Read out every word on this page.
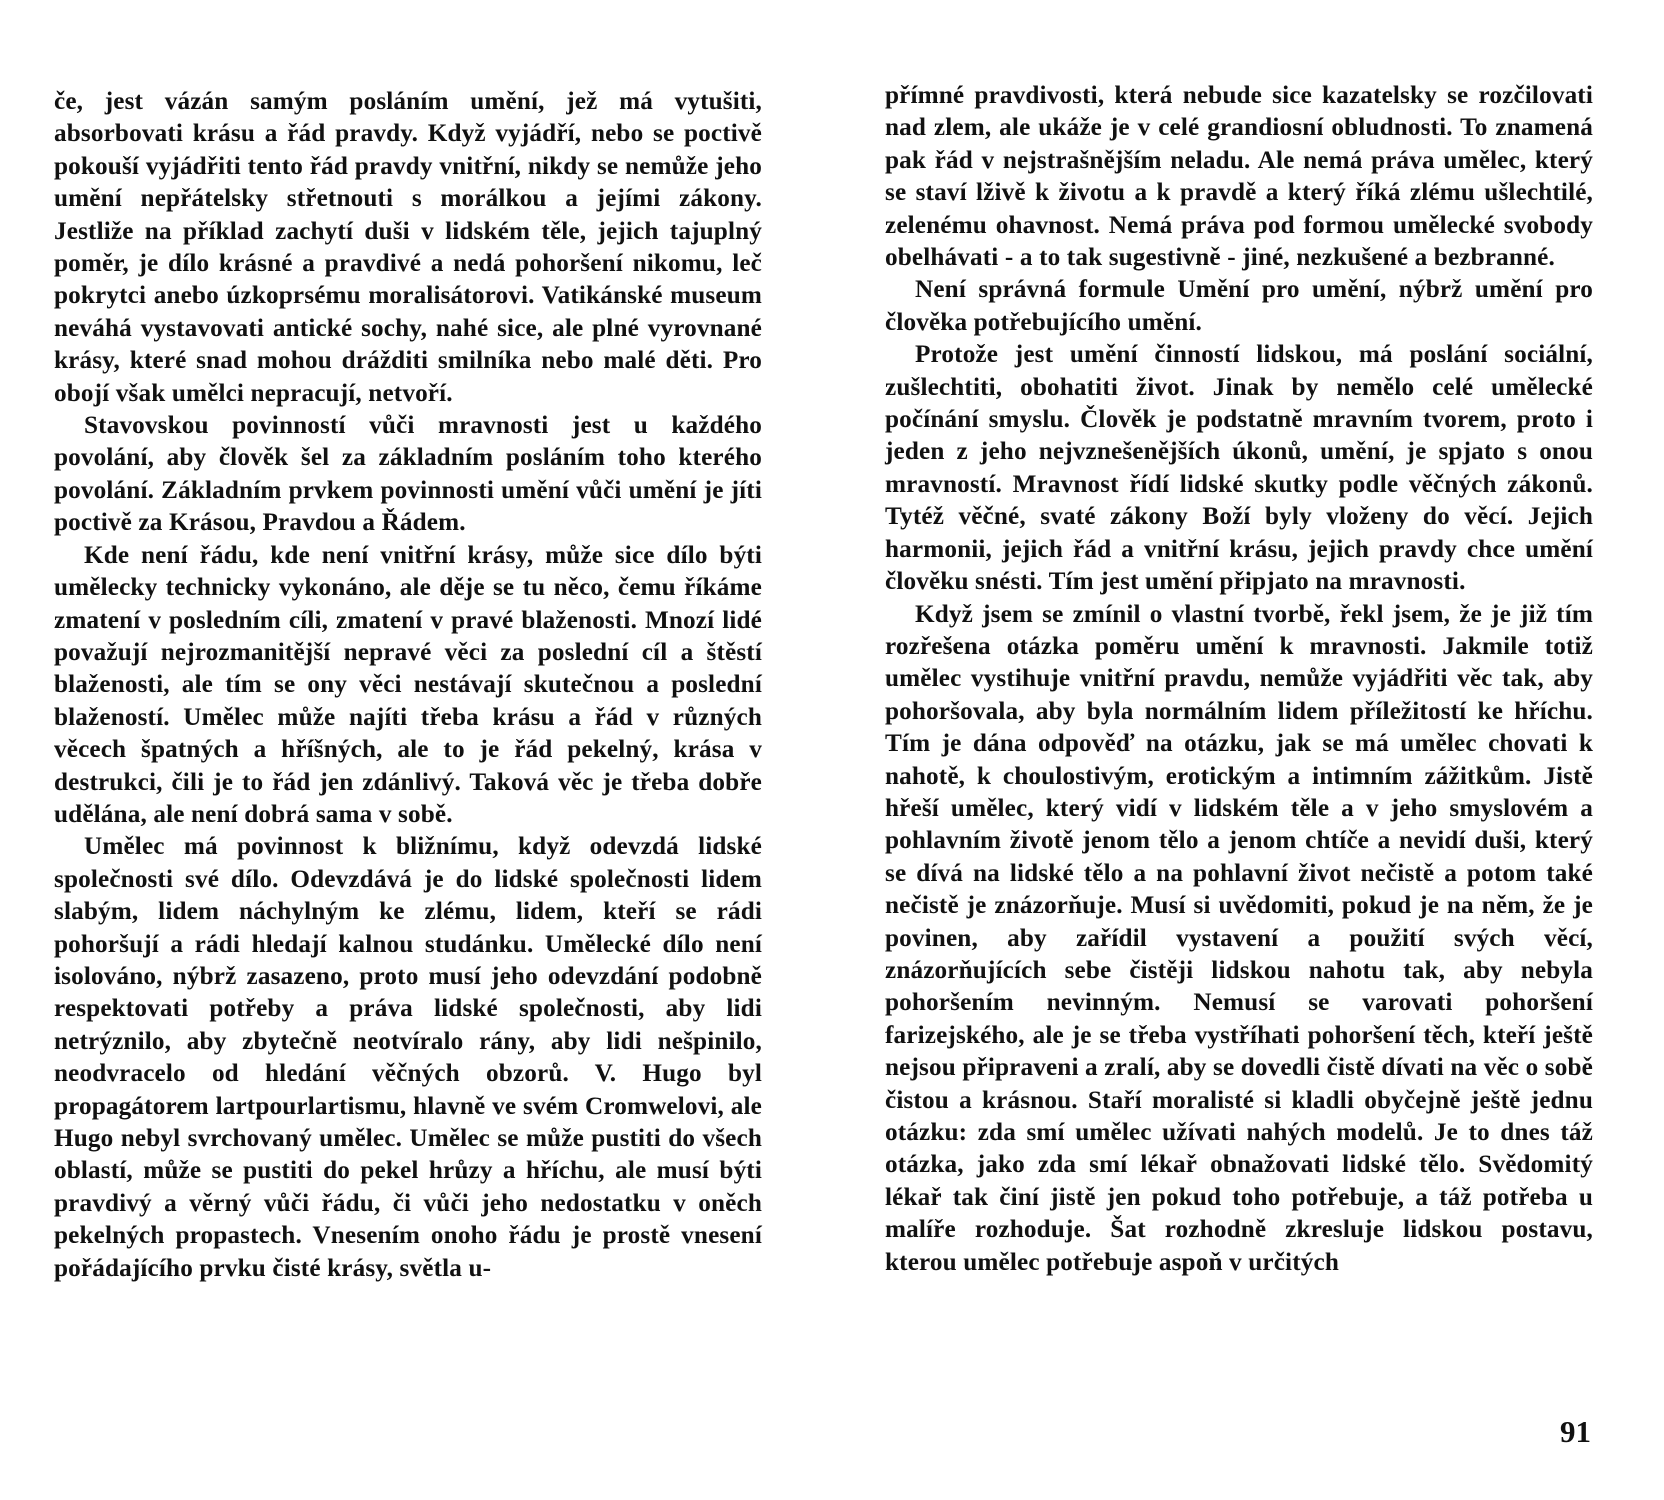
če, jest vázán samým posláním umění, jež má vytušiti, absorbovati krásu a řád pravdy. Když vyjádří, nebo se poctivě pokouší vyjádřiti tento řád pravdy vnitřní, nikdy se nemůže jeho umění nepřátelsky střetnouti s morálkou a jejími zákony. Jestliže na příklad zachytí duši v lidském těle, jejich tajuplný poměr, je dílo krásné a pravdivé a nedá pohoršení nikomu, leč pokrytci anebo úzkoprsému moralisátorovi. Vatikánské museum neváhá vystavovati antické sochy, nahé sice, ale plné vyrovnané krásy, které snad mohou drážditi smilníka nebo malé děti. Pro obojí však umělci nepracují, netvoří.

Stavovskou povinností vůči mravnosti jest u každého povolání, aby člověk šel za základním posláním toho kterého povolání. Základním prvkem povinnosti umění vůči umění je jíti poctivě za Krásou, Pravdou a Řádem.

Kde není řádu, kde není vnitřní krásy, může sice dílo býti umělecky technicky vykonáno, ale děje se tu něco, čemu říkáme zmatení v posledním cíli, zmatení v pravé blaženosti. Mnozí lidé považují nejrozmanitější nepravé věci za poslední cíl a štěstí blaženosti, ale tím se ony věci nestávají skutečnou a poslední blažeností. Umělec může najíti třeba krásu a řád v různých věcech špatných a hříšných, ale to je řád pekelný, krása v destrukci, čili je to řád jen zdánlivý. Taková věc je třeba dobře udělána, ale není dobrá sama v sobě.

Umělec má povinnost k bližnímu, když odevzdá lidské společnosti své dílo. Odevzdává je do lidské společnosti lidem slabým, lidem náchylným ke zlému, lidem, kteří se rádi pohoršují a rádi hledají kalnou studánku. Umělecké dílo není isolováno, nýbrž zasazeno, proto musí jeho odevzdání podobně respektovati potřeby a práva lidské společnosti, aby lidi netrýznilo, aby zbytečně neotvíralo rány, aby lidi nešpinilo, neodvracelo od hledání věčných obzorů. V. Hugo byl propagátorem lartpourlartismu, hlavně ve svém Cromwelovi, ale Hugo nebyl svrchovaný umělec. Umělec se může pustiti do všech oblastí, může se pustiti do pekel hrůzy a hříchu, ale musí býti pravdivý a věrný vůči řádu, či vůči jeho nedostatku v oněch pekelných propastech. Vnesením onoho řádu je prostě vnesení pořádajícího prvku čisté krásy, světla u-

přímné pravdivosti, která nebude sice kazatelsky se rozčilovati nad zlem, ale ukáže je v celé grandiosní obludnosti. To znamená pak řád v nejstrašnějším neladu. Ale nemá práva umělec, který se staví lživě k životu a k pravdě a který říká zlému ušlechtilé, zelenému ohavnost. Nemá práva pod formou umělecké svobody obelhávati - a to tak sugestivně - jiné, nezkušené a bezbranné.

Není správná formule Umění pro umění, nýbrž umění pro člověka potřebujícího umění.

Protože jest umění činností lidskou, má poslání sociální, zušlechtiti, obohatiti život. Jinak by nemělo celé umělecké počínání smyslu. Člověk je podstatně mravním tvorem, proto i jeden z jeho nejvznešenějších úkonů, umění, je spjato s onou mravností. Mravnost řídí lidské skutky podle věčných zákonů. Tytéž věčné, svaté zákony Boží byly vloženy do věcí. Jejich harmonii, jejich řád a vnitřní krásu, jejich pravdy chce umění člověku snésti. Tím jest umění připjato na mravnosti.

Když jsem se zmínil o vlastní tvorbě, řekl jsem, že je již tím rozřešena otázka poměru umění k mravnosti. Jakmile totiž umělec vystihuje vnitřní pravdu, nemůže vyjádřiti věc tak, aby pohoršovala, aby byla normálním lidem příležitostí ke hříchu. Tím je dána odpověď na otázku, jak se má umělec chovati k nahotě, k choulostivým, erotickým a intimním zážitkům. Jistě hřeší umělec, který vidí v lidském těle a v jeho smyslovém a pohlavním životě jenom tělo a jenom chtíče a nevidí duši, který se dívá na lidské tělo a na pohlavní život nečistě a potom také nečistě je znázorňuje. Musí si uvědomiti, pokud je na něm, že je povinen, aby zařídil vystavení a použití svých věcí, znázorňujících sebe čistěji lidskou nahotu tak, aby nebyla pohoršením nevinným. Nemusí se varovati pohoršení farizejského, ale je se třeba vystříhati pohoršení těch, kteří ještě nejsou připraveni a zralí, aby se dovedli čistě dívati na věc o sobě čistou a krásnou. Staří moralisté si kladli obyčejně ještě jednu otázku: zda smí umělec užívati nahých modelů. Je to dnes táž otázka, jako zda smí lékař obnažovati lidské tělo. Svědomitý lékař tak činí jistě jen pokud toho potřebuje, a táž potřeba u malíře rozhoduje. Šat rozhodně zkresluje lidskou postavu, kterou umělec potřebuje aspoň v určitých

91
